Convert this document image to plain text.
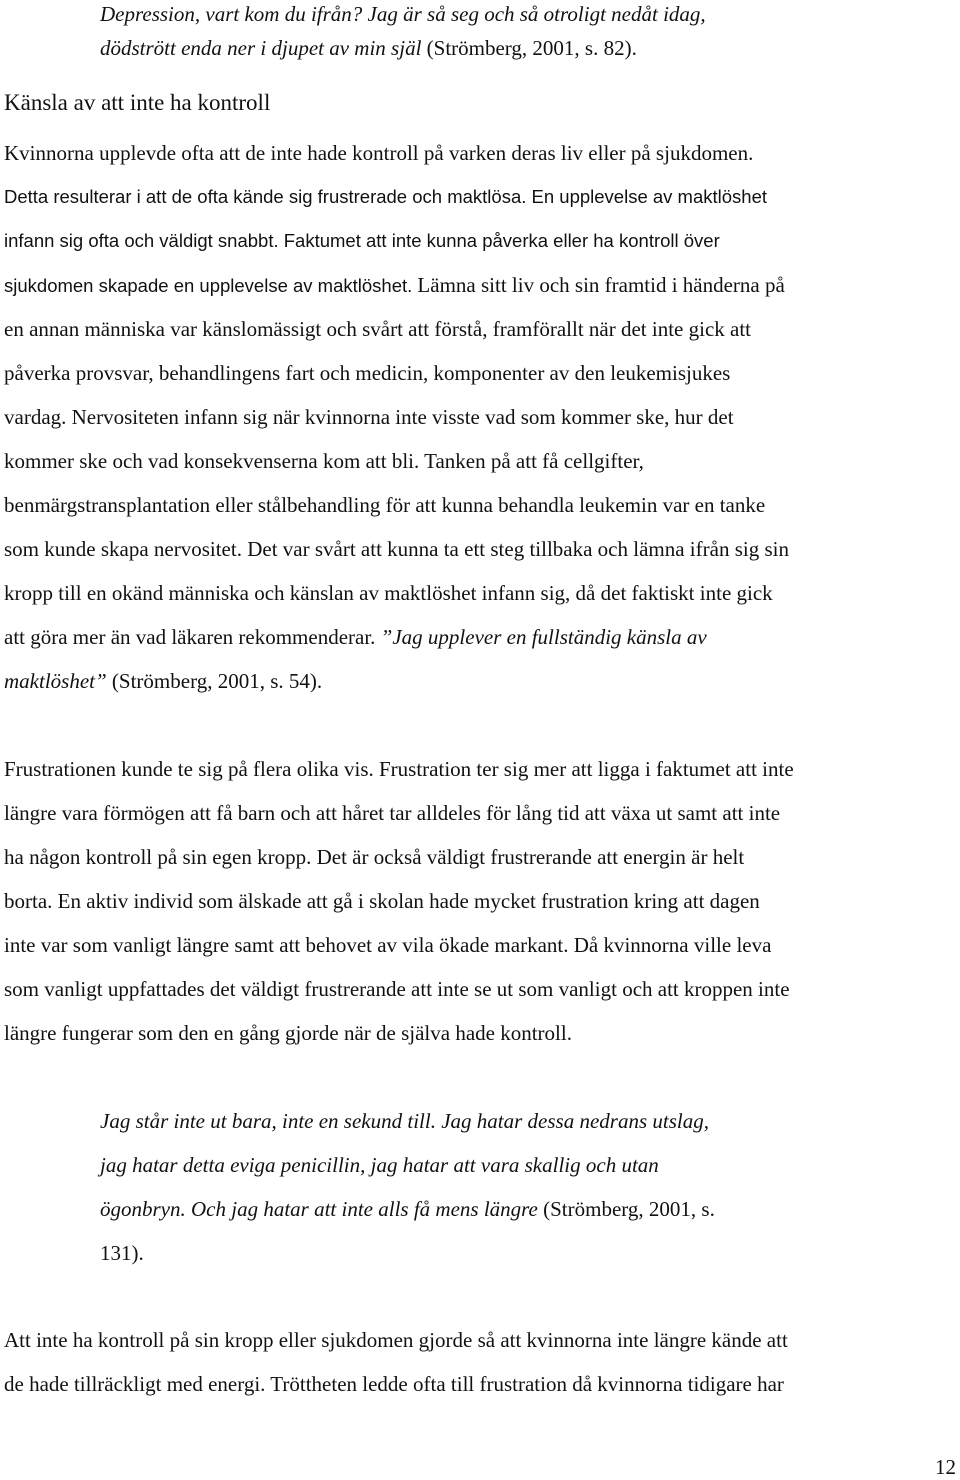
Depression, vart kom du ifrån? Jag är så seg och så otroligt nedåt idag,
dödstrött enda ner i djupet av min själ (Strömberg, 2001, s. 82).
Känsla av att inte ha kontroll
Kvinnorna upplevde ofta att de inte hade kontroll på varken deras liv eller på sjukdomen.
Detta resulterar i att de ofta kände sig frustrerade och maktlösa. En upplevelse av maktlöshet
infann sig ofta och väldigt snabbt. Faktumet att inte kunna påverka eller ha kontroll över
sjukdomen skapade en upplevelse av maktlöshet. Lämna sitt liv och sin framtid i händerna på
en annan människa var känslomässigt och svårt att förstå, framförallt när det inte gick att
påverka provsvar, behandlingens fart och medicin, komponenter av den leukemisjukes
vardag. Nervositeten infann sig när kvinnorna inte visste vad som kommer ske, hur det
kommer ske och vad konsekvenserna kom att bli. Tanken på att få cellgifter,
benmärgstransplantation eller stålbehandling för att kunna behandla leukemin var en tanke
som kunde skapa nervositet. Det var svårt att kunna ta ett steg tillbaka och lämna ifrån sig sin
kropp till en okänd människa och känslan av maktlöshet infann sig, då det faktiskt inte gick
att göra mer än vad läkaren rekommenderar. ”Jag upplever en fullständig känsla av
maktlöshet” (Strömberg, 2001, s. 54).
Frustrationen kunde te sig på flera olika vis. Frustration ter sig mer att ligga i faktumet att inte
längre vara förmögen att få barn och att håret tar alldeles för lång tid att växa ut samt att inte
ha någon kontroll på sin egen kropp. Det är också väldigt frustrerande att energin är helt
borta. En aktiv individ som älskade att gå i skolan hade mycket frustration kring att dagen
inte var som vanligt längre samt att behovet av vila ökade markant. Då kvinnorna ville leva
som vanligt uppfattades det väldigt frustrerande att inte se ut som vanligt och att kroppen inte
längre fungerar som den en gång gjorde när de själva hade kontroll.
Jag står inte ut bara, inte en sekund till. Jag hatar dessa nedrans utslag,
jag hatar detta eviga penicillin, jag hatar att vara skallig och utan
ögonbryn. Och jag hatar att inte alls få mens längre (Strömberg, 2001, s.
131).
Att inte ha kontroll på sin kropp eller sjukdomen gjorde så att kvinnorna inte längre kände att
de hade tillräckligt med energi. Tröttheten ledde ofta till frustration då kvinnorna tidigare har
12
